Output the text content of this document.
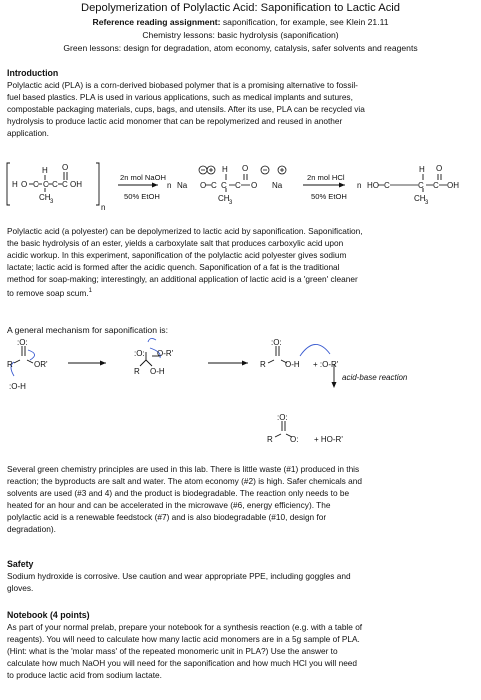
Depolymerization of Polylactic Acid: Saponification to Lactic Acid
Reference reading assignment: saponification, for example, see Klein 21.11
Chemistry lessons: basic hydrolysis (saponification)
Green lessons: design for degradation, atom economy, catalysis, safer solvents and reagents
Introduction
Polylactic acid (PLA) is a corn-derived biobased polymer that is a promising alternative to fossil-
fuel based plastics. PLA is used in various applications, such as medical implants and sutures,
compostable packaging materials, cups, bags, and utensils. After its use, PLA can be recycled via
hydrolysis to produce lactic acid monomer that can be repolymerized and reused in another
application.
H O C
H
C C
O
C OH
CH 3
n
n Na O C
H
C C
O
O
CH 3
Na	n HO C
H
C C
O
OH
CH 3
2n mol NaOH
50% EtOH
2n mol HCl
50% EtOH
Polylactic acid (a polyester) can be depolymerized to lactic acid by saponification. Saponification,
the basic hydrolysis of an ester, yields a carboxylate salt that produces carboxylic acid upon
acidic workup. In this experiment, saponification of the polylactic acid polyester gives sodium
lactate; lactic acid is formed after the acidic quench. Saponification of a fat is the traditional
method for soap-making; interestingly, an additional application of lactic acid is a 'green' cleaner
to remove soap scum.$^1$
A general mechanism for saponification is:
:O:
R	OR'
:O-H
:O: O-R'
R O-H
:O:
R O-H + :O-R'
:O:
R O:
acid-base reaction
+ HO-R'
Several green chemistry principles are used in this lab. There is little waste (#1) produced in this
reaction; the byproducts are salt and water. The atom economy (#2) is high. Safer chemicals and
solvents are used (#3 and 4) and the product is biodegradable. The reaction only needs to be
heated for an hour and can be accelerated in the microwave (#6, energy efficiency). The
polylactic acid is a renewable feedstock (#7) and is also biodegradable (#10, design for
degradation).
Safety
Sodium hydroxide is corrosive. Use caution and wear appropriate PPE, including goggles and
gloves.
Notebook (4 points)
As part of your normal prelab, prepare your notebook for a synthesis reaction (e.g. with a table of
reagents). You will need to calculate how many lactic acid monomers are in a 5g sample of PLA.
(Hint: what is the 'molar mass' of the repeated monomeric unit in PLA?) Use the answer to
calculate how much NaOH you will need for the saponification and how much HCl you will need
to produce lactic acid from sodium lactate.
